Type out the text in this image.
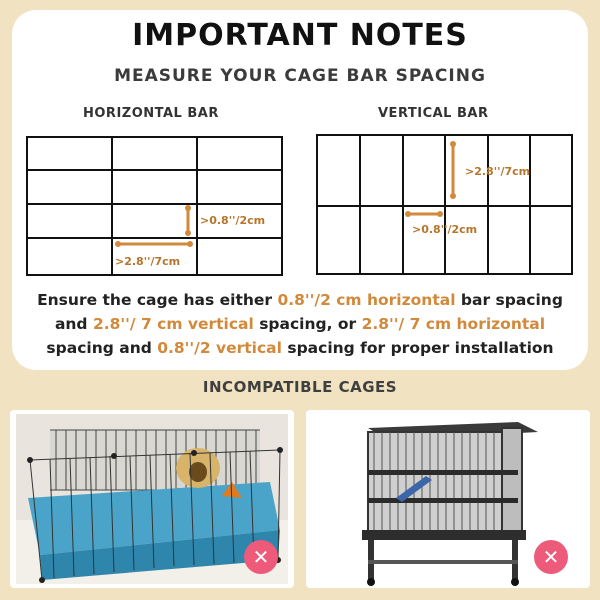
IMPORTANT NOTES
MEASURE YOUR CAGE BAR SPACING
HORIZONTAL BAR	VERTICAL BAR
>0.8''/2cm
>2.8''/7cm
>2.8''/7cm
>0.8''/2cm
Ensure the cage has either 0.8''/2 cm horizontal bar spacing and 2.8''/ 7 cm vertical spacing, or 2.8''/ 7 cm horizontal spacing and 0.8''/2 vertical spacing for proper installation
INCOMPATIBLE CAGES
✕	✕
